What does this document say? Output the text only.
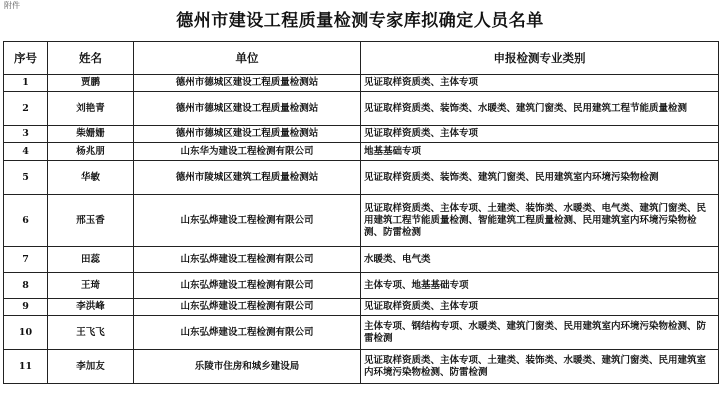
附件
德州市建设工程质量检测专家库拟确定人员名单
序号	姓名	单位	申报检测专业类别
1	贾鹏	德州市德城区建设工程质量检测站	见证取样资质类、主体专项
2	刘艳青	德州市德城区建设工程质量检测站	见证取样资质类、装饰类、水暖类、建筑门窗类、民用建筑工程节能质量检测
3	柴姗姗	德州市德城区建设工程质量检测站	见证取样资质类、主体专项
4	杨兆朋	山东华为建设工程检测有限公司	地基基础专项
5	华敏	德州市陵城区建筑工程质量检测站	见证取样资质类、装饰类、建筑门窗类、民用建筑室内环境污染物检测
6	邢玉香	山东弘烨建设工程检测有限公司	见证取样资质类、主体专项、土建类、装饰类、水暖类、电气类、建筑门窗类、民用建筑工程节能质量检测、智能建筑工程质量检测、民用建筑室内环境污染物检测、防雷检测
7	田蕊	山东弘烨建设工程检测有限公司	水暖类、电气类
8	王琦	山东弘烨建设工程检测有限公司	主体专项、地基基础专项
9	李洪峰	山东弘烨建设工程检测有限公司	见证取样资质类、主体专项
10	王飞飞	山东弘烨建设工程检测有限公司	主体专项、钢结构专项、水暖类、建筑门窗类、民用建筑室内环境污染物检测、防雷检测
11	李加友	乐陵市住房和城乡建设局	见证取样资质类、主体专项、土建类、装饰类、水暖类、建筑门窗类、民用建筑室内环境污染物检测、防雷检测
